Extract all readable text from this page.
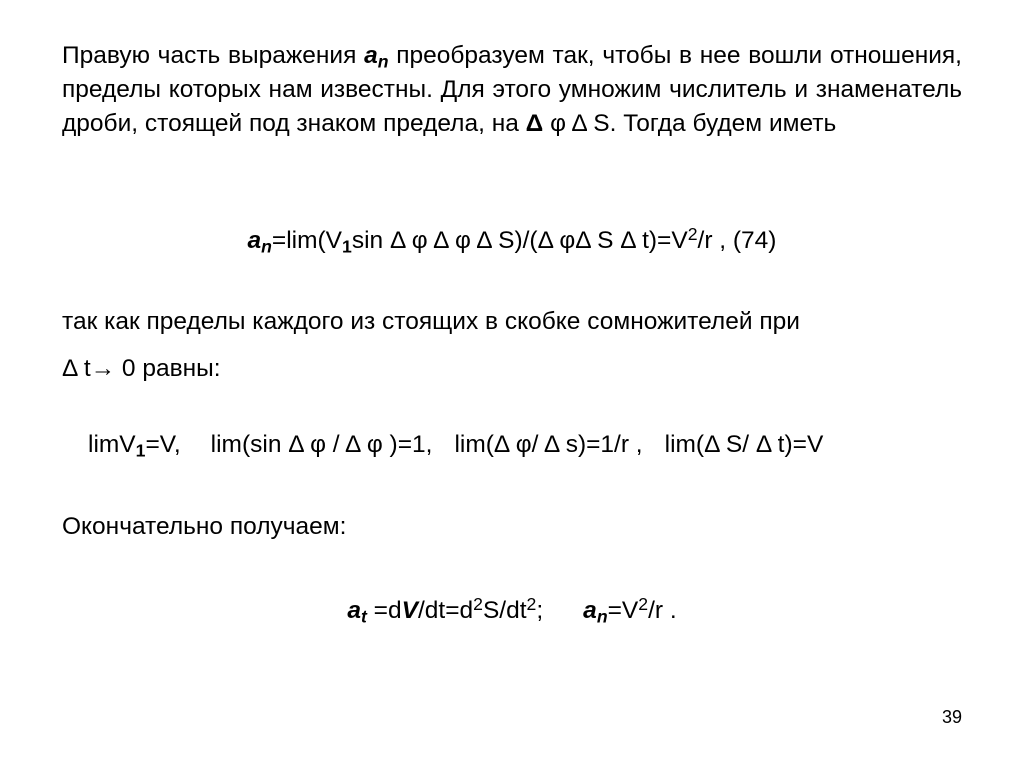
Правую часть выражения $a_n$ преобразуем так, чтобы в нее вошли отношения, пределы которых нам известны. Для этого умножим числитель и знаменатель дроби, стоящей под знаком предела, на Δ φ Δ S. Тогда будем иметь

$a_n=\lim(V_1\sin$ Δ φ Δ φ Δ S)/(Δ φΔ S Δ $t)=V^2/r$ , (74)

так как пределы каждого из стоящих в скобке сомножителей при
Δ t→ 0 равны:

limV$_1$=V, lim(sin Δ φ / Δ φ )=1, lim(Δ φ/ Δ s)=1/r , lim(Δ S/ Δ t)=V

Окончательно получаем:

$a_t =dV/dt=d^2S/dt^2$; $a_n=V^2/r$ .
39
